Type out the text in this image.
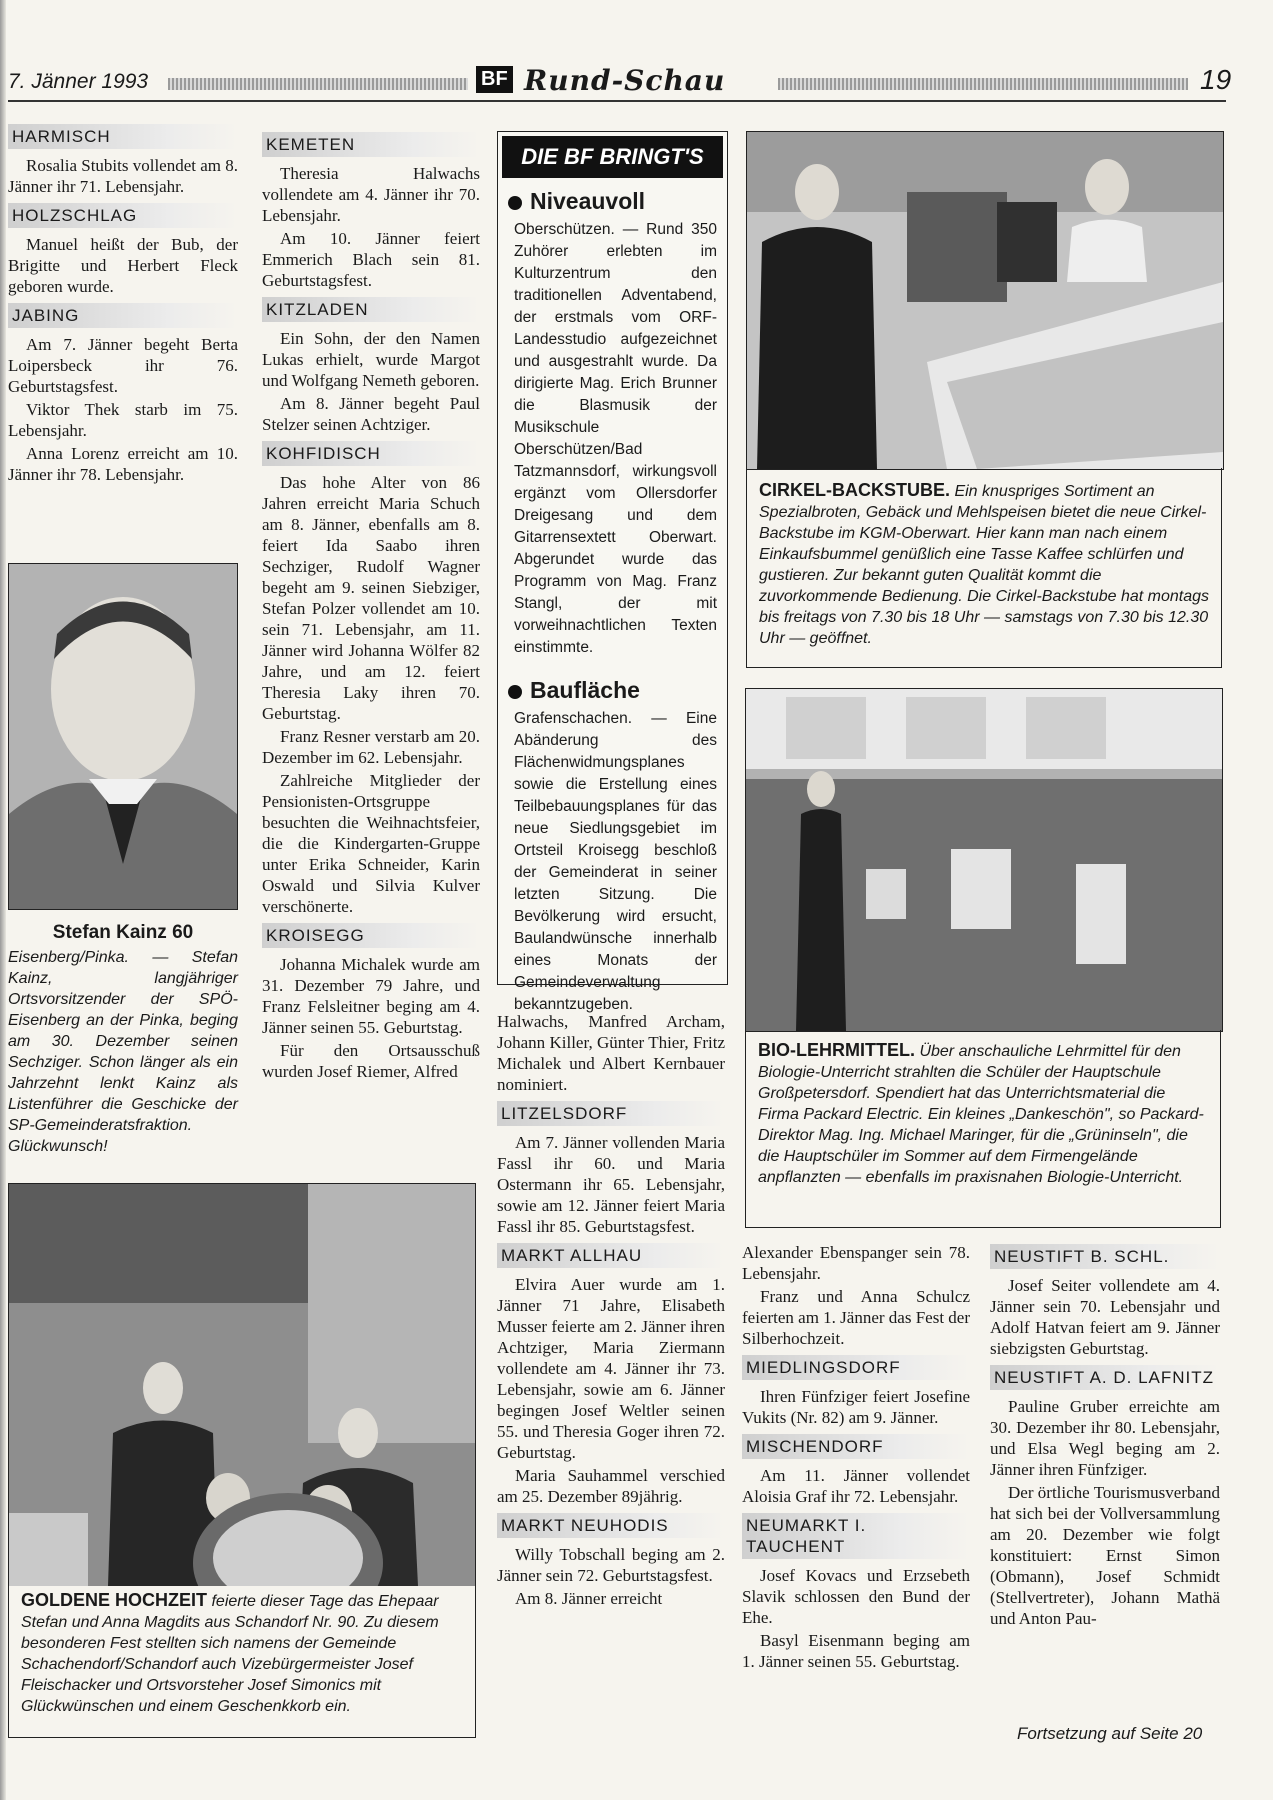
7. Jänner 1993	BF Rund-Schau	19
HARMISCH

Rosalia Stubits vollendet am 8. Jänner ihr 71. Lebensjahr.

HOLZSCHLAG

Manuel heißt der Bub, der Brigitte und Herbert Fleck geboren wurde.

JABING

Am 7. Jänner begeht Berta Loipersbeck ihr 76. Geburtstagsfest.

Viktor Thek starb im 75. Lebensjahr.

Anna Lorenz erreicht am 10. Jänner ihr 78. Lebensjahr.

Stefan Kainz 60
Eisenberg/Pinka. — Stefan Kainz, langjähriger Ortsvorsitzender der SPÖ-Eisenberg an der Pinka, beging am 30. Dezember seinen Sechziger. Schon länger als ein Jahrzehnt lenkt Kainz als Listenführer die Geschicke der SP-Gemeinderatsfraktion. Glückwunsch!
KEMETEN

Theresia Halwachs vollendete am 4. Jänner ihr 70. Lebensjahr.

Am 10. Jänner feiert Emmerich Blach sein 81. Geburtstagsfest.

KITZLADEN

Ein Sohn, der den Namen Lukas erhielt, wurde Margot und Wolfgang Nemeth geboren.

Am 8. Jänner begeht Paul Stelzer seinen Achtziger.

KOHFIDISCH

Das hohe Alter von 86 Jahren erreicht Maria Schuch am 8. Jänner, ebenfalls am 8. feiert Ida Saabo ihren Sechziger, Rudolf Wagner begeht am 9. seinen Siebziger, Stefan Polzer vollendet am 10. sein 71. Lebensjahr, am 11. Jänner wird Johanna Wölfer 82 Jahre, und am 12. feiert Theresia Laky ihren 70. Geburtstag.

Franz Resner verstarb am 20. Dezember im 62. Lebensjahr.

Zahlreiche Mitglieder der Pensionisten-Ortsgruppe besuchten die Weihnachtsfeier, die die Kindergarten-Gruppe unter Erika Schneider, Karin Oswald und Silvia Kulver verschönerte.

KROISEGG

Johanna Michalek wurde am 31. Dezember 79 Jahre, und Franz Felsleitner beging am 4. Jänner seinen 55. Geburtstag.

Für den Ortsausschuß wurden Josef Riemer, Alfred

GOLDENE HOCHZEIT feierte dieser Tage das Ehepaar Stefan und Anna Magdits aus Schandorf Nr. 90. Zu diesem besonderen Fest stellten sich namens der Gemeinde Schachendorf/Schandorf auch Vizebürgermeister Josef Fleischacker und Ortsvorsteher Josef Simonics mit Glückwünschen und einem Geschenkkorb ein.
DIE BF BRINGT'S
Niveauvoll
Oberschützen. — Rund 350 Zuhörer erlebten im Kulturzentrum den traditionellen Adventabend, der erstmals vom ORF-Landesstudio aufgezeichnet und ausgestrahlt wurde. Da dirigierte Mag. Erich Brunner die Blasmusik der Musikschule Oberschützen/Bad Tatzmannsdorf, wirkungsvoll ergänzt vom Ollersdorfer Dreigesang und dem Gitarrensextett Oberwart. Abgerundet wurde das Programm von Mag. Franz Stangl, der mit vorweihnachtlichen Texten einstimmte.
Baufläche
Grafenschachen. — Eine Abänderung des Flächenwidmungsplanes sowie die Erstellung eines Teilbebauungsplanes für das neue Siedlungsgebiet im Ortsteil Kroisegg beschloß der Gemeinderat in seiner letzten Sitzung. Die Bevölkerung wird ersucht, Baulandwünsche innerhalb eines Monats der Gemeindeverwaltung bekanntzugeben.

Halwachs, Manfred Archam, Johann Killer, Günter Thier, Fritz Michalek und Albert Kernbauer nominiert.

LITZELSDORF

Am 7. Jänner vollenden Maria Fassl ihr 60. und Maria Ostermann ihr 65. Lebensjahr, sowie am 12. Jänner feiert Maria Fassl ihr 85. Geburtstagsfest.

MARKT ALLHAU

Elvira Auer wurde am 1. Jänner 71 Jahre, Elisabeth Musser feierte am 2. Jänner ihren Achtziger, Maria Ziermann vollendete am 4. Jänner ihr 73. Lebensjahr, sowie am 6. Jänner begingen Josef Weltler seinen 55. und Theresia Goger ihren 72. Geburtstag.

Maria Sauhammel verschied am 25. Dezember 89jährig.

MARKT NEUHODIS

Willy Tobschall beging am 2. Jänner sein 72. Geburtstagsfest.

Am 8. Jänner erreicht

CIRKEL-BACKSTUBE. Ein knuspriges Sortiment an Spezialbroten, Gebäck und Mehlspeisen bietet die neue Cirkel-Backstube im KGM-Oberwart. Hier kann man nach einem Einkaufsbummel genüßlich eine Tasse Kaffee schlürfen und gustieren. Zur bekannt guten Qualität kommt die zuvorkommende Bedienung. Die Cirkel-Backstube hat montags bis freitags von 7.30 bis 18 Uhr — samstags von 7.30 bis 12.30 Uhr — geöffnet.
BIO-LEHRMITTEL. Über anschauliche Lehrmittel für den Biologie-Unterricht strahlten die Schüler der Hauptschule Großpetersdorf. Spendiert hat das Unterrichtsmaterial die Firma Packard Electric. Ein kleines „Dankeschön", so Packard-Direktor Mag. Ing. Michael Maringer, für die „Grüninseln", die die Hauptschüler im Sommer auf dem Firmengelände anpflanzten — ebenfalls im praxisnahen Biologie-Unterricht.

Alexander Ebenspanger sein 78. Lebensjahr.

Franz und Anna Schulcz feierten am 1. Jänner das Fest der Silberhochzeit.

MIEDLINGSDORF

Ihren Fünfziger feiert Josefine Vukits (Nr. 82) am 9. Jänner.

MISCHENDORF

Am 11. Jänner vollendet Aloisia Graf ihr 72. Lebensjahr.

NEUMARKT I. TAUCHENT

Josef Kovacs und Erzsebeth Slavik schlossen den Bund der Ehe.

Basyl Eisenmann beging am 1. Jänner seinen 55. Geburtstag.

NEUSTIFT B. SCHL.

Josef Seiter vollendete am 4. Jänner sein 70. Lebensjahr und Adolf Hatvan feiert am 9. Jänner siebzigsten Geburtstag.

NEUSTIFT A. D. LAFNITZ

Pauline Gruber erreichte am 30. Dezember ihr 80. Lebensjahr, und Elsa Wegl beging am 2. Jänner ihren Fünfziger.

Der örtliche Tourismusverband hat sich bei der Vollversammlung am 20. Dezember wie folgt konstituiert: Ernst Simon (Obmann), Josef Schmidt (Stellvertreter), Johann Mathä und Anton Pau-

Fortsetzung auf Seite 20
